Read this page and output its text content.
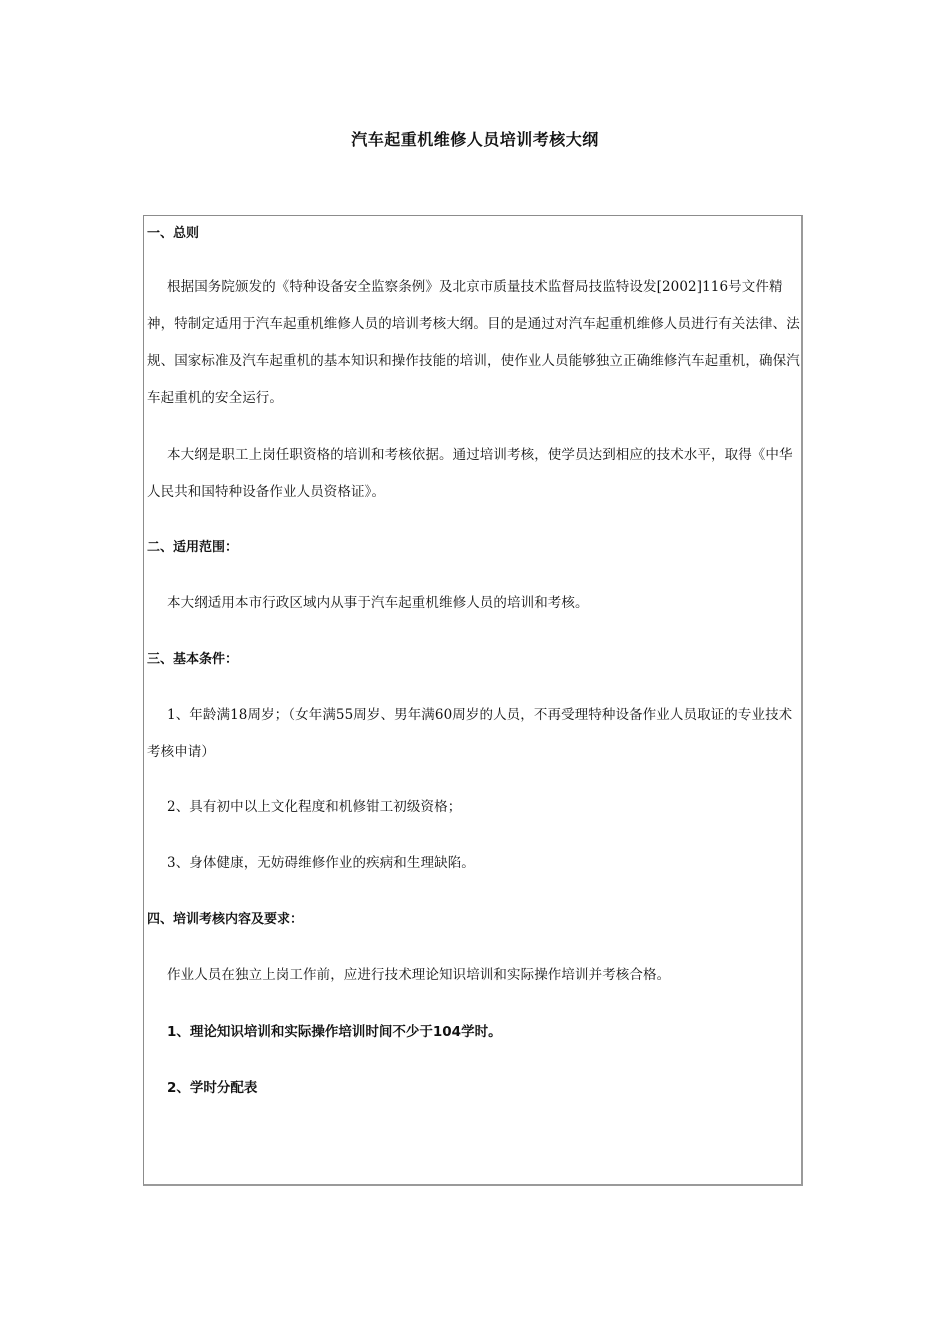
汽车起重机维修人员培训考核大纲
一、总则

根据国务院颁发的《特种设备安全监察条例》及北京市质量技术监督局技监特设发[2002]116号文件精神，特制定适用于汽车起重机维修人员的培训考核大纲。目的是通过对汽车起重机维修人员进行有关法律、法规、国家标准及汽车起重机的基本知识和操作技能的培训，使作业人员能够独立正确维修汽车起重机，确保汽车起重机的安全运行。

本大纲是职工上岗任职资格的培训和考核依据。通过培训考核，使学员达到相应的技术水平，取得《中华人民共和国特种设备作业人员资格证》。

二、适用范围：

本大纲适用本市行政区域内从事于汽车起重机维修人员的培训和考核。

三、基本条件：

1、年龄满18周岁；（女年满55周岁、男年满60周岁的人员，不再受理特种设备作业人员取证的专业技术考核申请）

2、具有初中以上文化程度和机修钳工初级资格；

3、身体健康，无妨碍维修作业的疾病和生理缺陷。

四、培训考核内容及要求：

作业人员在独立上岗工作前，应进行技术理论知识培训和实际操作培训并考核合格。

1、理论知识培训和实际操作培训时间不少于104学时。
2、学时分配表
